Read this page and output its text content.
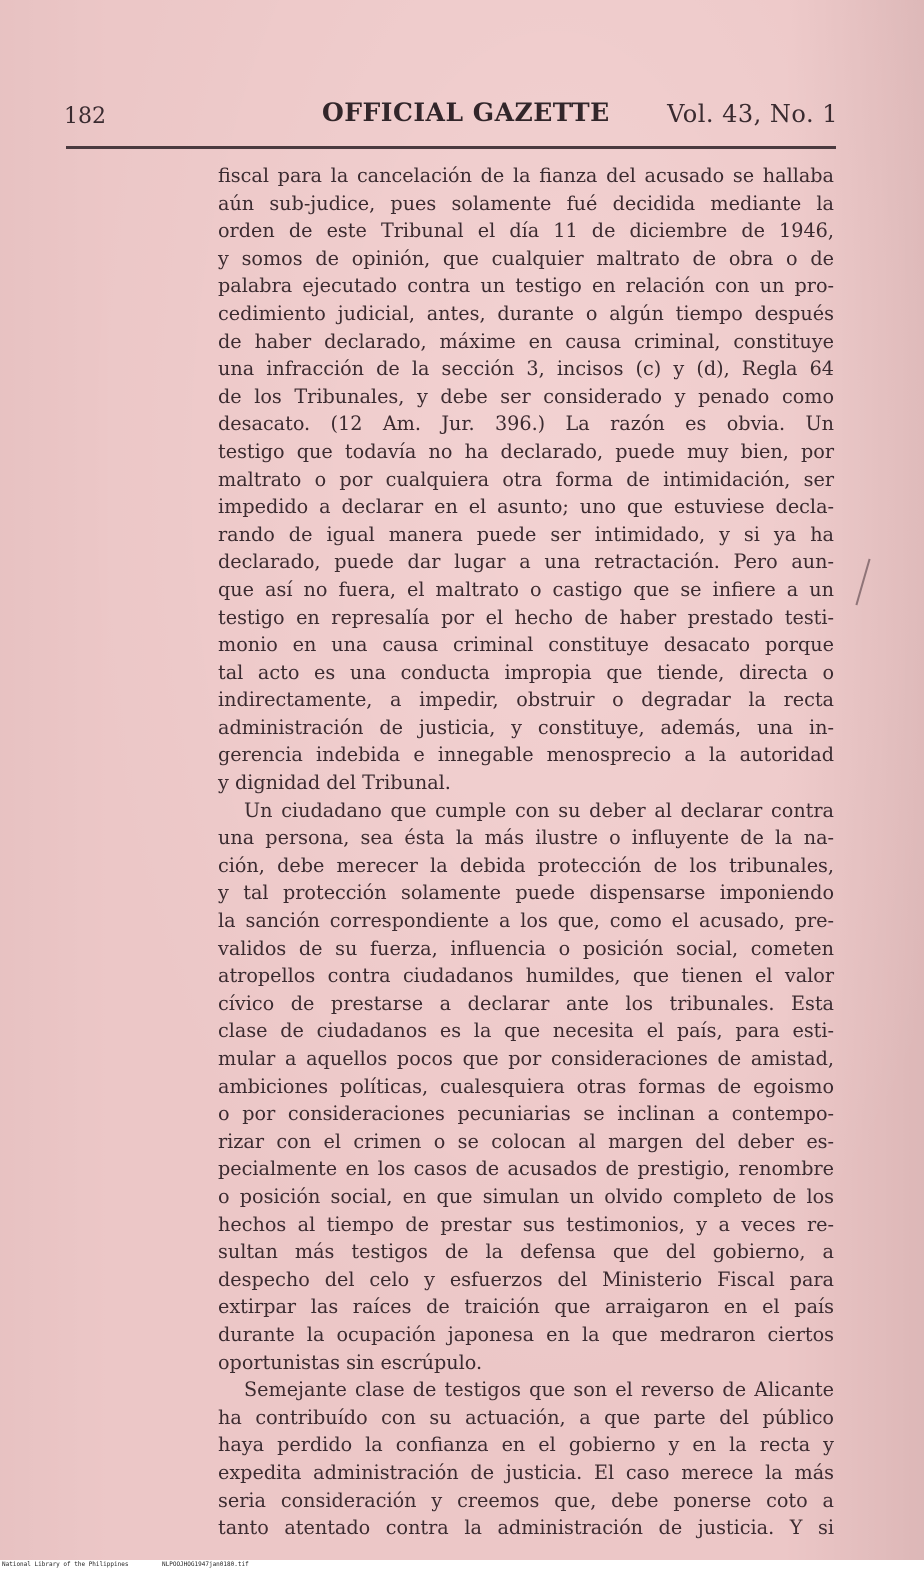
182	OFFICIAL GAZETTE Vol. 43, No. 1
fiscal para la cancelación de la fianza del acusado se hallaba
aún sub-judice, pues solamente fué decidida mediante la
orden de este Tribunal el día 11 de diciembre de 1946,
y somos de opinión, que cualquier maltrato de obra o de
palabra ejecutado contra un testigo en relación con un pro-
cedimiento judicial, antes, durante o algún tiempo después
de haber declarado, máxime en causa criminal, constituye
una infracción de la sección 3, incisos (c) y (d), Regla 64
de los Tribunales, y debe ser considerado y penado como
desacato. (12 Am. Jur. 396.) La razón es obvia. Un
testigo que todavía no ha declarado, puede muy bien, por
maltrato o por cualquiera otra forma de intimidación, ser
impedido a declarar en el asunto; uno que estuviese decla-
rando de igual manera puede ser intimidado, y si ya ha
declarado, puede dar lugar a una retractación. Pero aun-
que así no fuera, el maltrato o castigo que se infiere a un
testigo en represalía por el hecho de haber prestado testi-
monio en una causa criminal constituye desacato porque
tal acto es una conducta impropia que tiende, directa o
indirectamente, a impedir, obstruir o degradar la recta
administración de justicia, y constituye, además, una in-
gerencia indebida e innegable menosprecio a la autoridad
y dignidad del Tribunal.
Un ciudadano que cumple con su deber al declarar contra
una persona, sea ésta la más ilustre o influyente de la na-
ción, debe merecer la debida protección de los tribunales,
y tal protección solamente puede dispensarse imponiendo
la sanción correspondiente a los que, como el acusado, pre-
validos de su fuerza, influencia o posición social, cometen
atropellos contra ciudadanos humildes, que tienen el valor
cívico de prestarse a declarar ante los tribunales. Esta
clase de ciudadanos es la que necesita el país, para esti-
mular a aquellos pocos que por consideraciones de amistad,
ambiciones políticas, cualesquiera otras formas de egoismo
o por consideraciones pecuniarias se inclinan a contempo-
rizar con el crimen o se colocan al margen del deber es-
pecialmente en los casos de acusados de prestigio, renombre
o posición social, en que simulan un olvido completo de los
hechos al tiempo de prestar sus testimonios, y a veces re-
sultan más testigos de la defensa que del gobierno, a
despecho del celo y esfuerzos del Ministerio Fiscal para
extirpar las raíces de traición que arraigaron en el país
durante la ocupación japonesa en la que medraron ciertos
oportunistas sin escrúpulo.
Semejante clase de testigos que son el reverso de Alicante
ha contribuído con su actuación, a que parte del público
haya perdido la confianza en el gobierno y en la recta y
expedita administración de justicia. El caso merece la más
seria consideración y creemos que, debe ponerse coto a
tanto atentado contra la administración de justicia. Y si
National Library of the Philippines	NLPOOJHOG1947jan0180.tif
